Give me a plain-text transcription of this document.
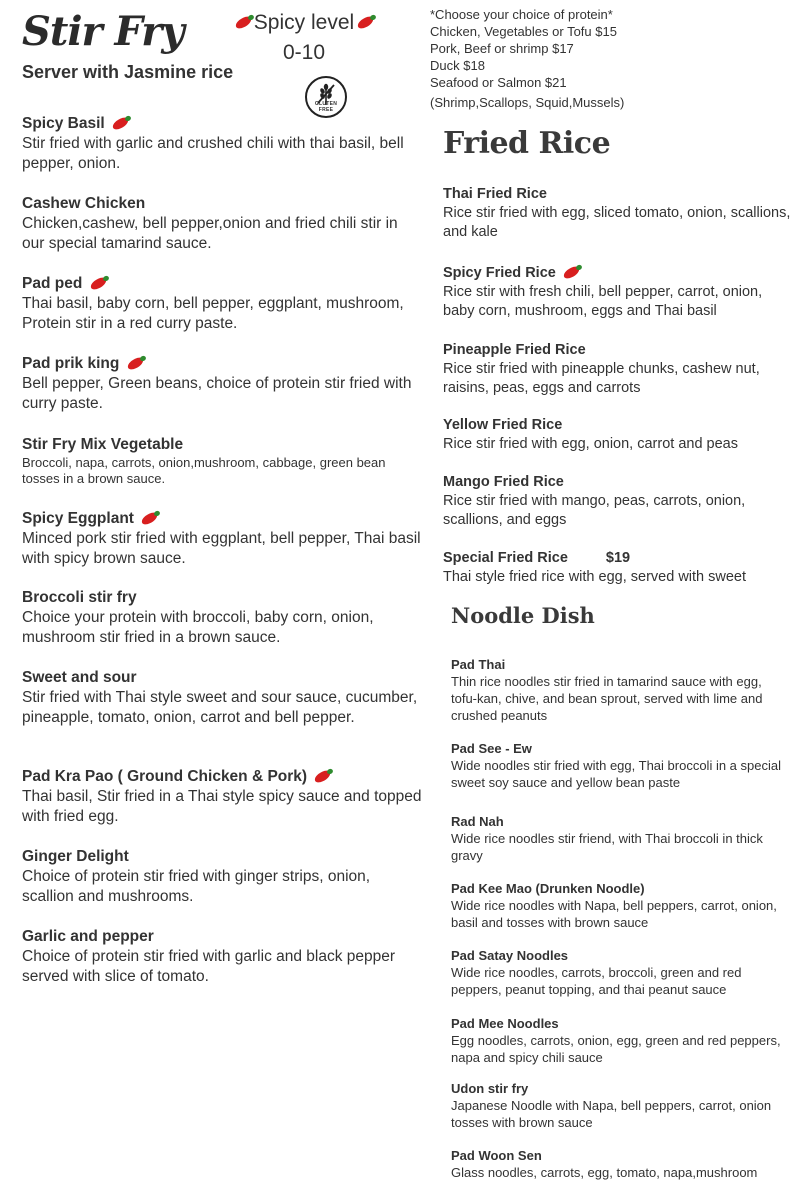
Stir Fry
Server with Jasmine rice
Spicy level
0-10
GLUTEN FREE
Spicy Basil
Stir fried with garlic and crushed chili with thai basil, bell pepper, onion.
Cashew Chicken
Chicken,cashew, bell pepper,onion and fried chili stir in our special tamarind sauce.
Pad ped
Thai basil, baby corn, bell pepper, eggplant, mushroom, Protein stir in a red curry paste.
Pad prik king
Bell pepper, Green beans, choice of protein stir fried with curry paste.
Stir Fry Mix Vegetable
Broccoli, napa, carrots, onion,mushroom, cabbage, green bean tosses in a brown sauce.
Spicy Eggplant
Minced pork stir fried with eggplant, bell pepper, Thai basil with spicy brown sauce.
Broccoli stir fry
Choice your protein with broccoli, baby corn, onion, mushroom stir fried in a brown sauce.
Sweet and sour
Stir fried with Thai style sweet and sour sauce, cucumber, pineapple, tomato, onion, carrot and bell pepper.
Pad Kra Pao ( Ground Chicken & Pork)
Thai basil, Stir fried in a Thai style spicy sauce and topped with fried egg.
Ginger Delight
Choice of protein stir fried with ginger strips, onion, scallion and mushrooms.
Garlic and pepper
Choice of protein stir fried with garlic and black pepper served with slice of tomato.
*Choose your choice of protein*
Chicken, Vegetables or Tofu $15
Pork, Beef or shrimp $17
Duck $18
Seafood or Salmon $21
(Shrimp,Scallops, Squid,Mussels)
Fried Rice
Thai Fried Rice
Rice stir fried with egg, sliced tomato, onion, scallions, and kale
Spicy Fried Rice
Rice stir with fresh chili, bell pepper, carrot, onion, baby corn, mushroom, eggs and Thai basil
Pineapple Fried Rice
Rice stir fried with pineapple chunks, cashew nut, raisins, peas, eggs and carrots
Yellow Fried Rice
Rice stir fried with egg, onion, carrot and peas
Mango Fried Rice
Rice stir fried with mango, peas, carrots, onion, scallions, and eggs
Special Fried Rice	$19
Thai style fried rice with egg, served with sweet
Noodle Dish
Pad Thai
Thin rice noodles stir fried in tamarind sauce with egg, tofu-kan, chive, and bean sprout, served with lime and crushed peanuts
Pad See - Ew
Wide noodles stir fried with egg, Thai broccoli in a special sweet soy sauce and yellow bean paste
Rad Nah
Wide rice noodles stir friend, with Thai broccoli in thick gravy
Pad Kee Mao (Drunken Noodle)
Wide rice noodles with Napa, bell peppers, carrot, onion, basil and tosses with brown sauce
Pad Satay Noodles
Wide rice noodles, carrots, broccoli, green and red peppers, peanut topping, and thai peanut sauce
Pad Mee Noodles
Egg noodles, carrots, onion, egg, green and red peppers, napa and spicy chili sauce
Udon stir fry
Japanese Noodle with Napa, bell peppers, carrot, onion tosses with brown sauce
Pad Woon Sen
Glass noodles, carrots, egg, tomato, napa,mushroom
